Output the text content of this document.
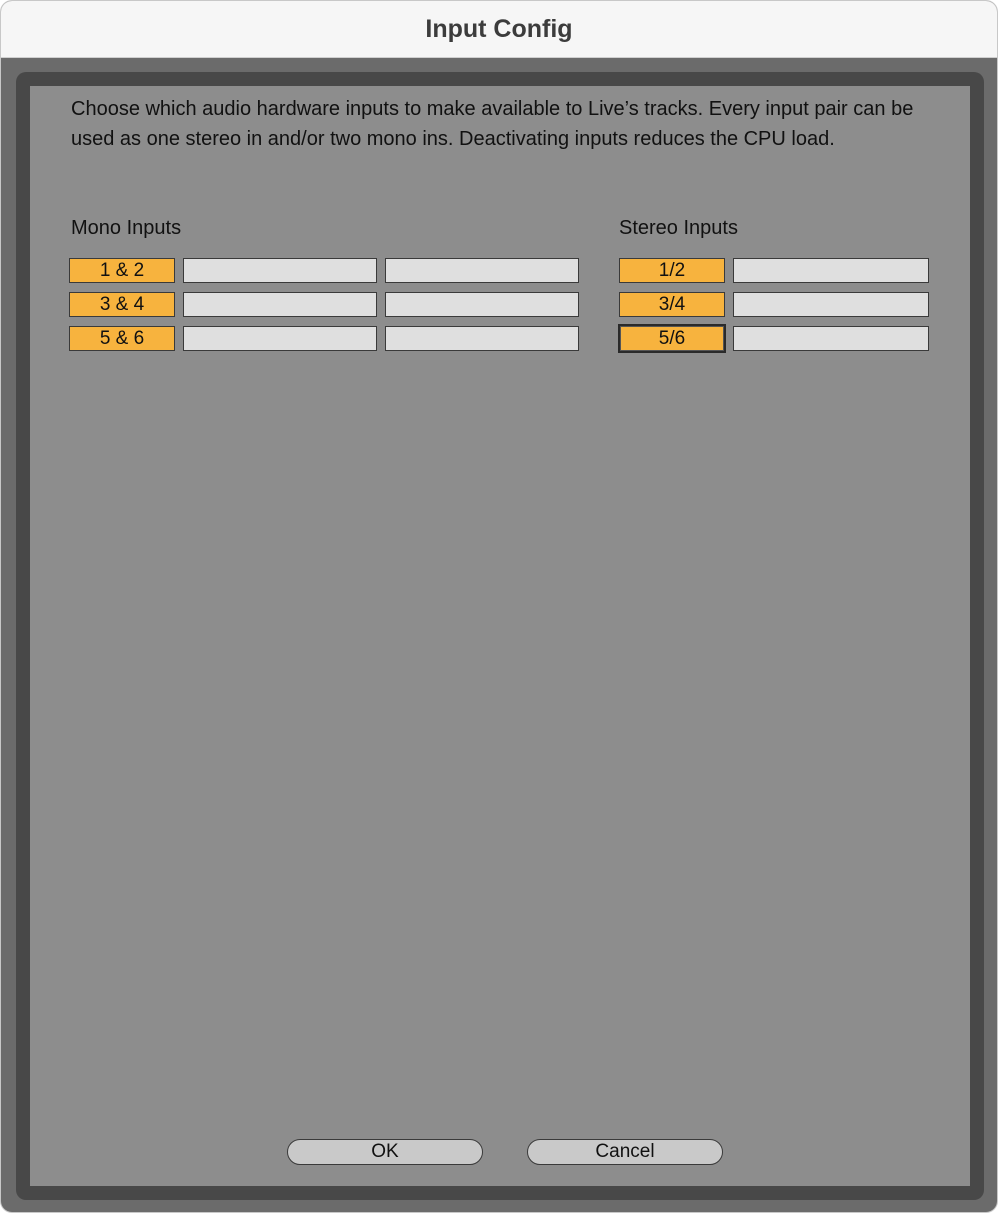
Input Config
Choose which audio hardware inputs to make available to Live’s tracks. Every input pair can be used as one stereo in and/or two mono ins. Deactivating inputs reduces the CPU load.
Mono Inputs	Stereo Inputs
1 & 2
3 & 4
5 & 6
1/2
3/4
5/6
OK	Cancel
